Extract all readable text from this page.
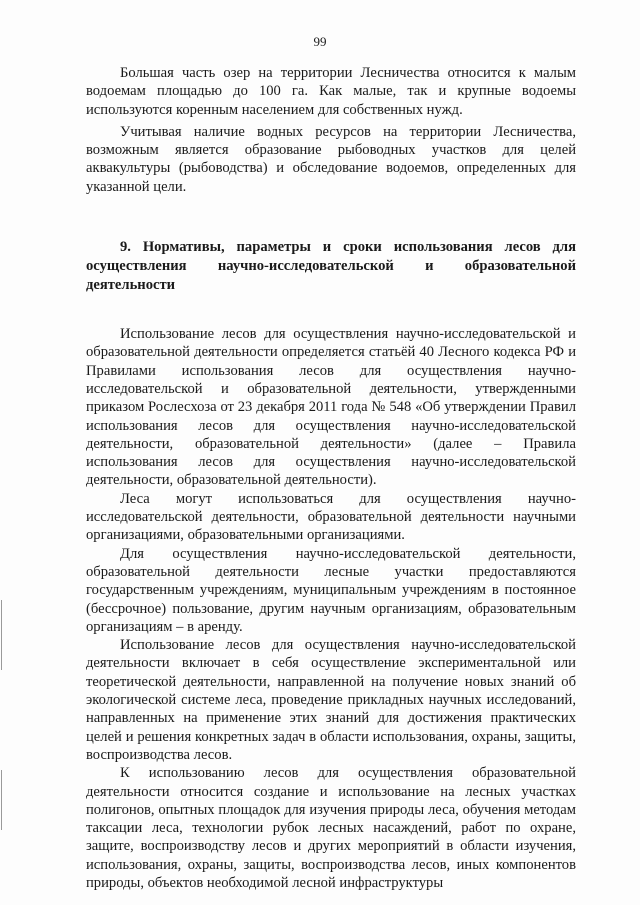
99

Большая часть озер на территории Лесничества относится к малым водоемам площадью до 100 га. Как малые, так и крупные водоемы используются коренным населением для собственных нужд.

Учитывая наличие водных ресурсов на территории Лесничества, возможным является образование рыбоводных участков для целей аквакультуры (рыбоводства) и обследование водоемов, определенных для указанной цели.

9. Нормативы, параметры и сроки использования лесов для осуществления научно-исследовательской и образовательной деятельности

Использование лесов для осуществления научно-исследовательской и образовательной деятельности определяется статьёй 40 Лесного кодекса РФ и Правилами использования лесов для осуществления научно-исследовательской и образовательной деятельности, утвержденными приказом Рослесхоза от 23 декабря 2011 года № 548 «Об утверждении Правил использования лесов для осуществления научно-исследовательской деятельности, образовательной деятельности» (далее – Правила использования лесов для осуществления научно-исследовательской деятельности, образовательной деятельности).

Леса могут использоваться для осуществления научно-исследовательской деятельности, образовательной деятельности научными организациями, образовательными организациями.

Для осуществления научно-исследовательской деятельности, образовательной деятельности лесные участки предоставляются государственным учреждениям, муниципальным учреждениям в постоянное (бессрочное) пользование, другим научным организациям, образовательным организациям – в аренду.

Использование лесов для осуществления научно-исследовательской деятельности включает в себя осуществление экспериментальной или теоретической деятельности, направленной на получение новых знаний об экологической системе леса, проведение прикладных научных исследований, направленных на применение этих знаний для достижения практических целей и решения конкретных задач в области использования, охраны, защиты, воспроизводства лесов.

К использованию лесов для осуществления образовательной деятельности относится создание и использование на лесных участках полигонов, опытных площадок для изучения природы леса, обучения методам таксации леса, технологии рубок лесных насаждений, работ по охране, защите, воспроизводству лесов и других мероприятий в области изучения, использования, охраны, защиты, воспроизводства лесов, иных компонентов природы, объектов необходимой лесной инфраструктуры
